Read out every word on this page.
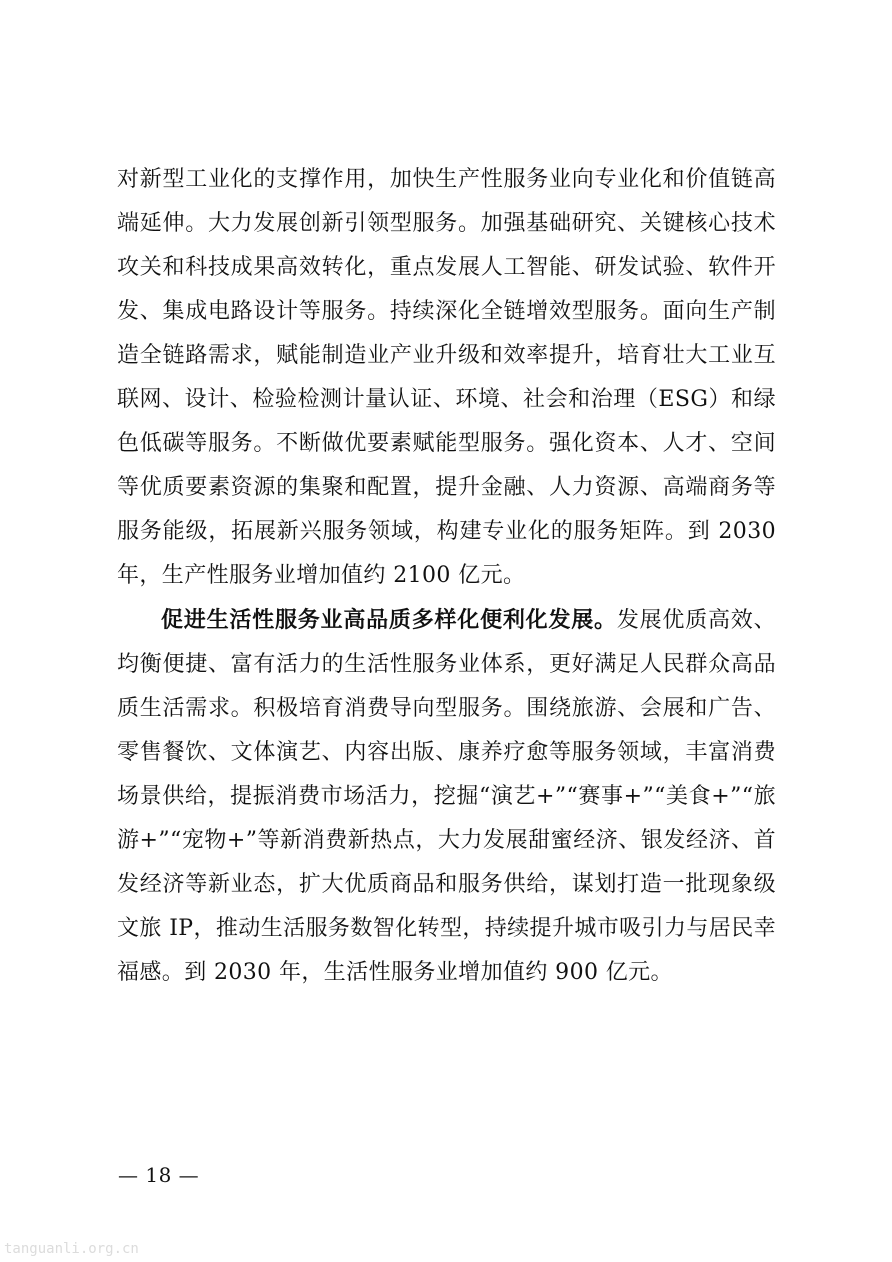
对新型工业化的支撑作用，加快生产性服务业向专业化和价值链高端延伸。大力发展创新引领型服务。加强基础研究、关键核心技术攻关和科技成果高效转化，重点发展人工智能、研发试验、软件开发、集成电路设计等服务。持续深化全链增效型服务。面向生产制造全链路需求，赋能制造业产业升级和效率提升，培育壮大工业互联网、设计、检验检测计量认证、环境、社会和治理（ESG）和绿色低碳等服务。不断做优要素赋能型服务。强化资本、人才、空间等优质要素资源的集聚和配置，提升金融、人力资源、高端商务等服务能级，拓展新兴服务领域，构建专业化的服务矩阵。到 2030 年，生产性服务业增加值约 2100 亿元。

促进生活性服务业高品质多样化便利化发展。发展优质高效、均衡便捷、富有活力的生活性服务业体系，更好满足人民群众高品质生活需求。积极培育消费导向型服务。围绕旅游、会展和广告、零售餐饮、文体演艺、内容出版、康养疗愈等服务领域，丰富消费场景供给，提振消费市场活力，挖掘“演艺+”“赛事+”“美食+”“旅游+”“宠物+”等新消费新热点，大力发展甜蜜经济、银发经济、首发经济等新业态，扩大优质商品和服务供给，谋划打造一批现象级文旅 IP，推动生活服务数智化转型，持续提升城市吸引力与居民幸福感。到 2030 年，生活性服务业增加值约 900 亿元。

— 18 —
tanguanli.org.cn
